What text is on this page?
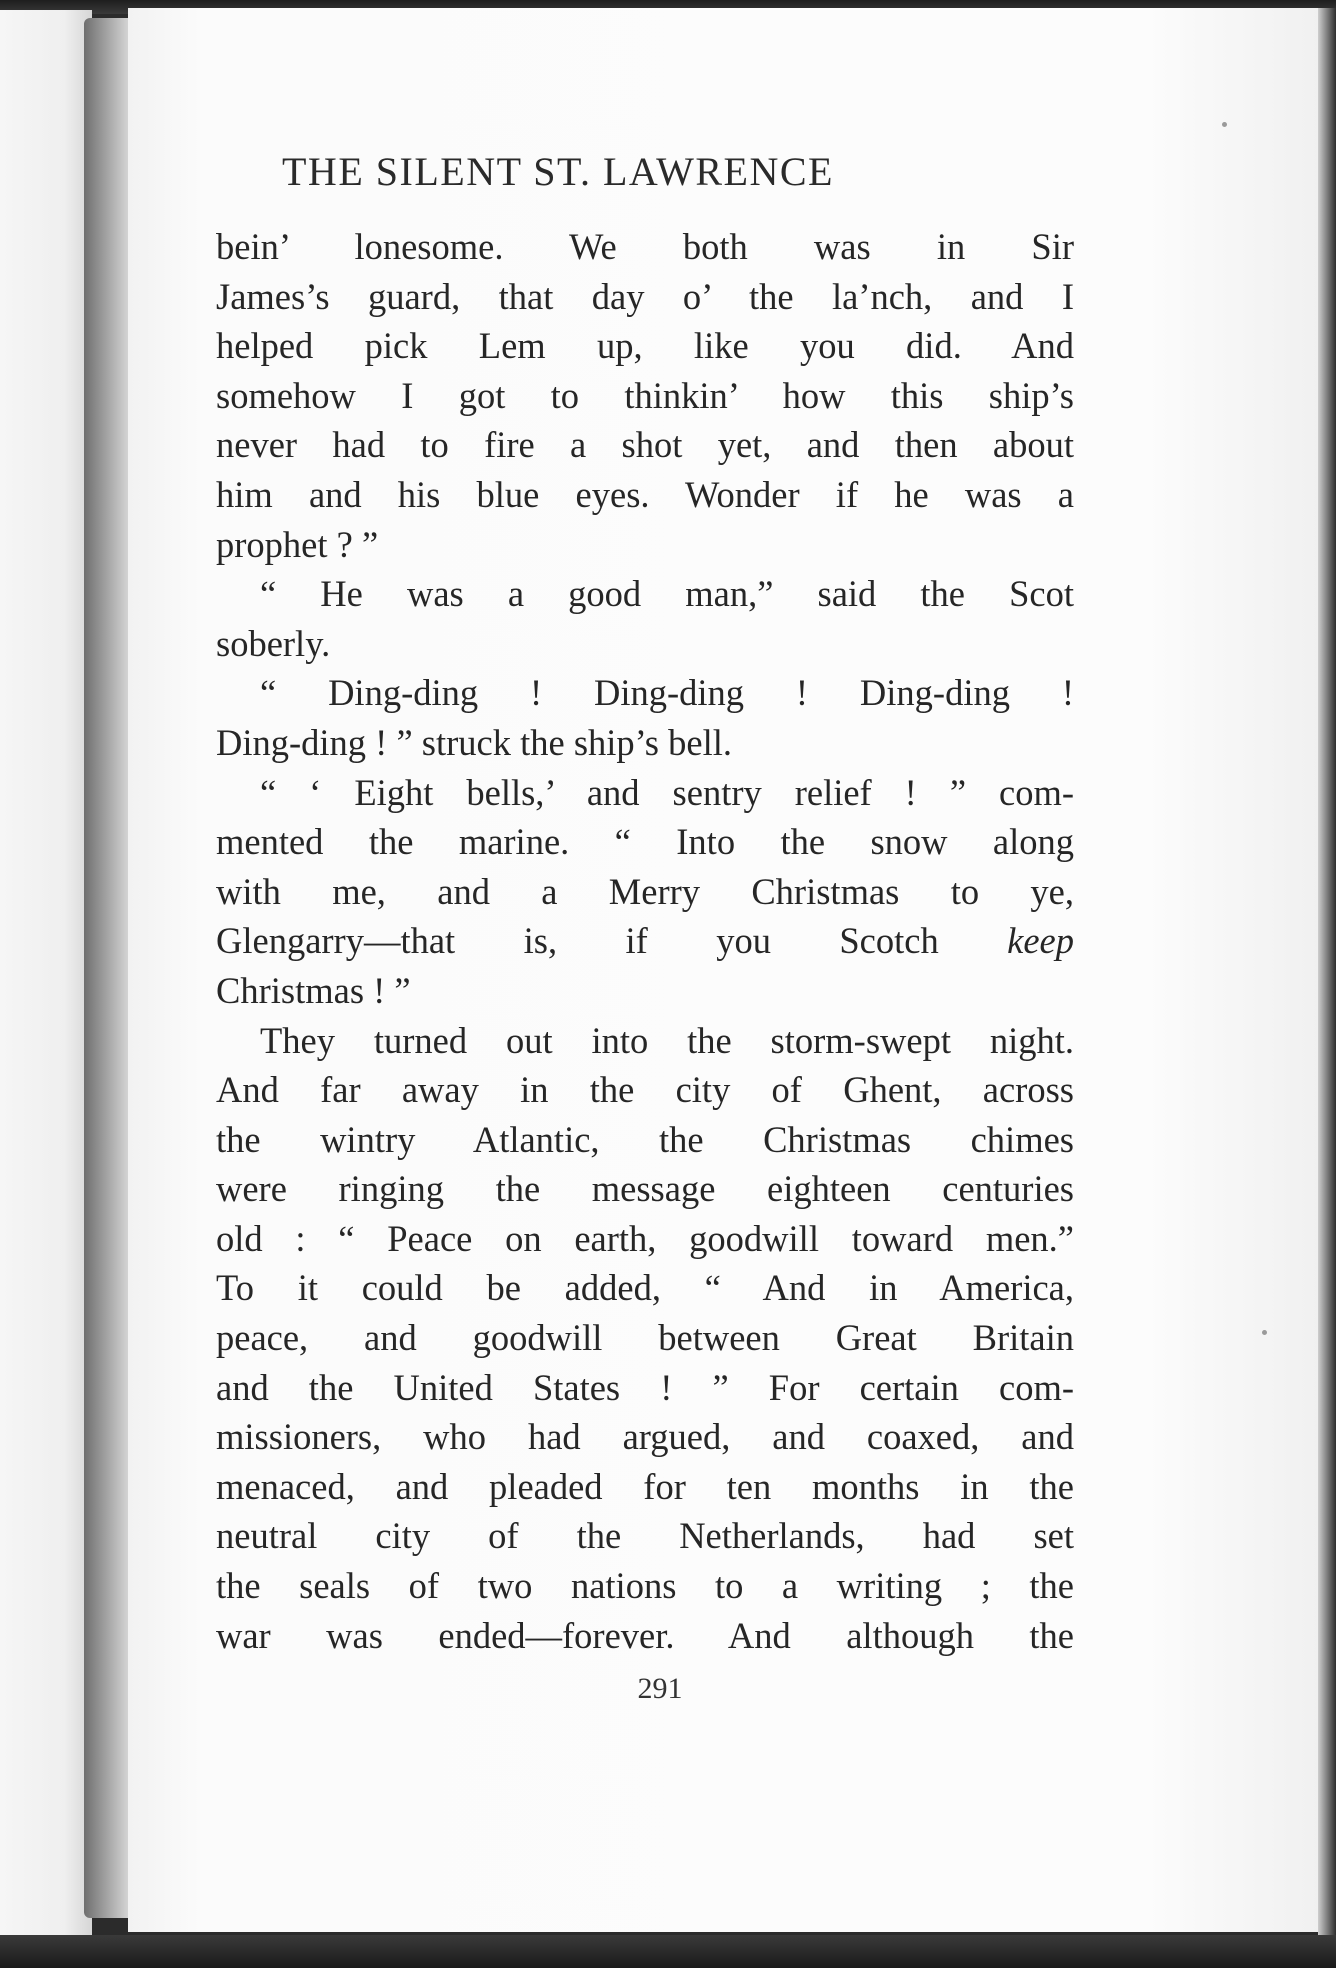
THE SILENT ST. LAWRENCE
bein’ lonesome. We both was in Sir
James’s guard, that day o’ the la’nch, and I
helped pick Lem up, like you did. And
somehow I got to thinkin’ how this ship’s
never had to fire a shot yet, and then about
him and his blue eyes. Wonder if he was a
prophet ? ”
“ He was a good man,” said the Scot
soberly.
“ Ding-ding ! Ding-ding ! Ding-ding !
Ding-ding ! ” struck the ship’s bell.
“ ‘ Eight bells,’ and sentry relief ! ” com-
mented the marine. “ Into the snow along
with me, and a Merry Christmas to ye,
Glengarry—that is, if you Scotch keep
Christmas ! ”
They turned out into the storm-swept night.
And far away in the city of Ghent, across
the wintry Atlantic, the Christmas chimes
were ringing the message eighteen centuries
old : “ Peace on earth, goodwill toward men.”
To it could be added, “ And in America,
peace, and goodwill between Great Britain
and the United States ! ” For certain com-
missioners, who had argued, and coaxed, and
menaced, and pleaded for ten months in the
neutral city of the Netherlands, had set
the seals of two nations to a writing ; the
war was ended—forever. And although the
291
